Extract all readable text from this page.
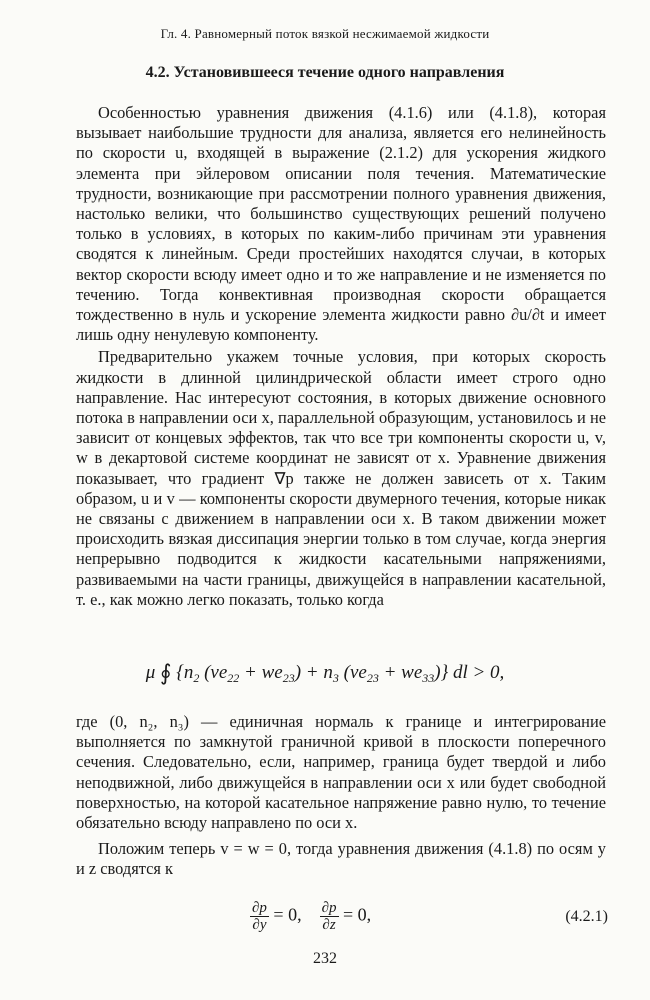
Гл. 4. Равномерный поток вязкой несжимаемой жидкости
4.2. Установившееся течение одного направления

Особенностью уравнения движения (4.1.6) или (4.1.8), которая вызывает наибольшие трудности для анализа, является его нелинейность по скорости u, входящей в выражение (2.1.2) для ускорения жидкого элемента при эйлеровом описании поля течения. Математические трудности, возникающие при рассмотрении полного уравнения движения, настолько велики, что большинство существующих решений получено только в условиях, в которых по каким-либо причинам эти уравнения сводятся к линейным. Среди простейших находятся случаи, в которых вектор скорости всюду имеет одно и то же направление и не изменяется по течению. Тогда конвективная производная скорости обращается тождественно в нуль и ускорение элемента жидкости равно ∂u/∂t и имеет лишь одну ненулевую компоненту.

Предварительно укажем точные условия, при которых скорость жидкости в длинной цилиндрической области имеет строго одно направление. Нас интересуют состояния, в которых движение основного потока в направлении оси x, параллельной образующим, установилось и не зависит от концевых эффектов, так что все три компоненты скорости u, v, w в декартовой системе координат не зависят от x. Уравнение движения показывает, что градиент ∇p также не должен зависеть от x. Таким образом, u и v — компоненты скорости двумерного течения, которые никак не связаны с движением в направлении оси x. В таком движении может происходить вязкая диссипация энергии только в том случае, когда энергия непрерывно подводится к жидкости касательными напряжениями, развиваемыми на части границы, движущейся в направлении касательной, т. е., как можно легко показать, только когда

μ ∮ {$n_2$ $(ve_{22} + we_{23}) + n_3$ $(ve_{23} + we_{33})$} dl > 0,

где (0, n₂, n₃) — единичная нормаль к границе и интегрирование выполняется по замкнутой граничной кривой в плоскости поперечного сечения. Следовательно, если, например, граница будет твердой и либо неподвижной, либо движущейся в направлении оси x или будет свободной поверхностью, на которой касательное напряжение равно нулю, то течение обязательно всюду направлено по оси x.

Положим теперь v = w = 0, тогда уравнения движения (4.1.8) по осям y и z сводятся к

$\frac{\partial p}{\partial y} = 0$, $\frac{\partial p}{\partial z} = 0$,	(4.2.1)
232
